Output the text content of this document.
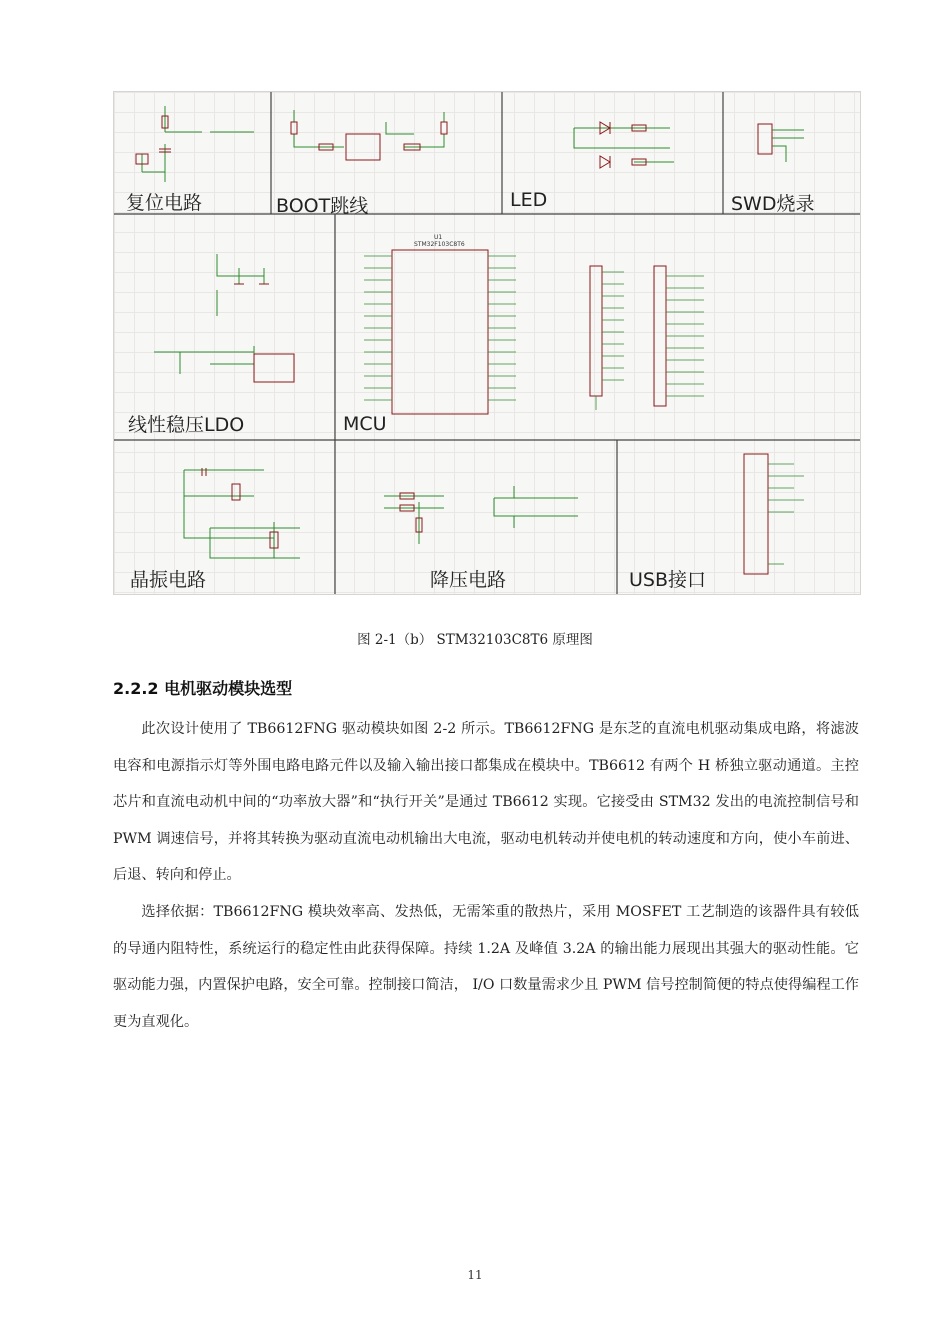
复位电路	BOOT跳线	LED	SWD烧录
线性稳压LDO	MCU
晶振电路	降压电路	USB接口
U1
STM32F103C8T6
图 2-1（b） STM32103C8T6 原理图
2.2.2 电机驱动模块选型
此次设计使用了 TB6612FNG 驱动模块如图 2-2 所示。TB6612FNG 是东芝的直流电机驱动集成电路，将滤波电容和电源指示灯等外围电路电路元件以及输入输出接口都集成在模块中。TB6612 有两个 H 桥独立驱动通道。主控芯片和直流电动机中间的“功率放大器”和“执行开关”是通过 TB6612 实现。它接受由 STM32 发出的电流控制信号和 PWM 调速信号，并将其转换为驱动直流电动机输出大电流，驱动电机转动并使电机的转动速度和方向，使小车前进、后退、转向和停止。
选择依据：TB6612FNG 模块效率高、发热低，无需笨重的散热片，采用 MOSFET 工艺制造的该器件具有较低的导通内阻特性，系统运行的稳定性由此获得保障。持续 1.2A 及峰值 3.2A 的输出能力展现出其强大的驱动性能。它驱动能力强，内置保护电路，安全可靠。控制接口简洁， I/O 口数量需求少且 PWM 信号控制简便的特点使得编程工作更为直观化。
11
